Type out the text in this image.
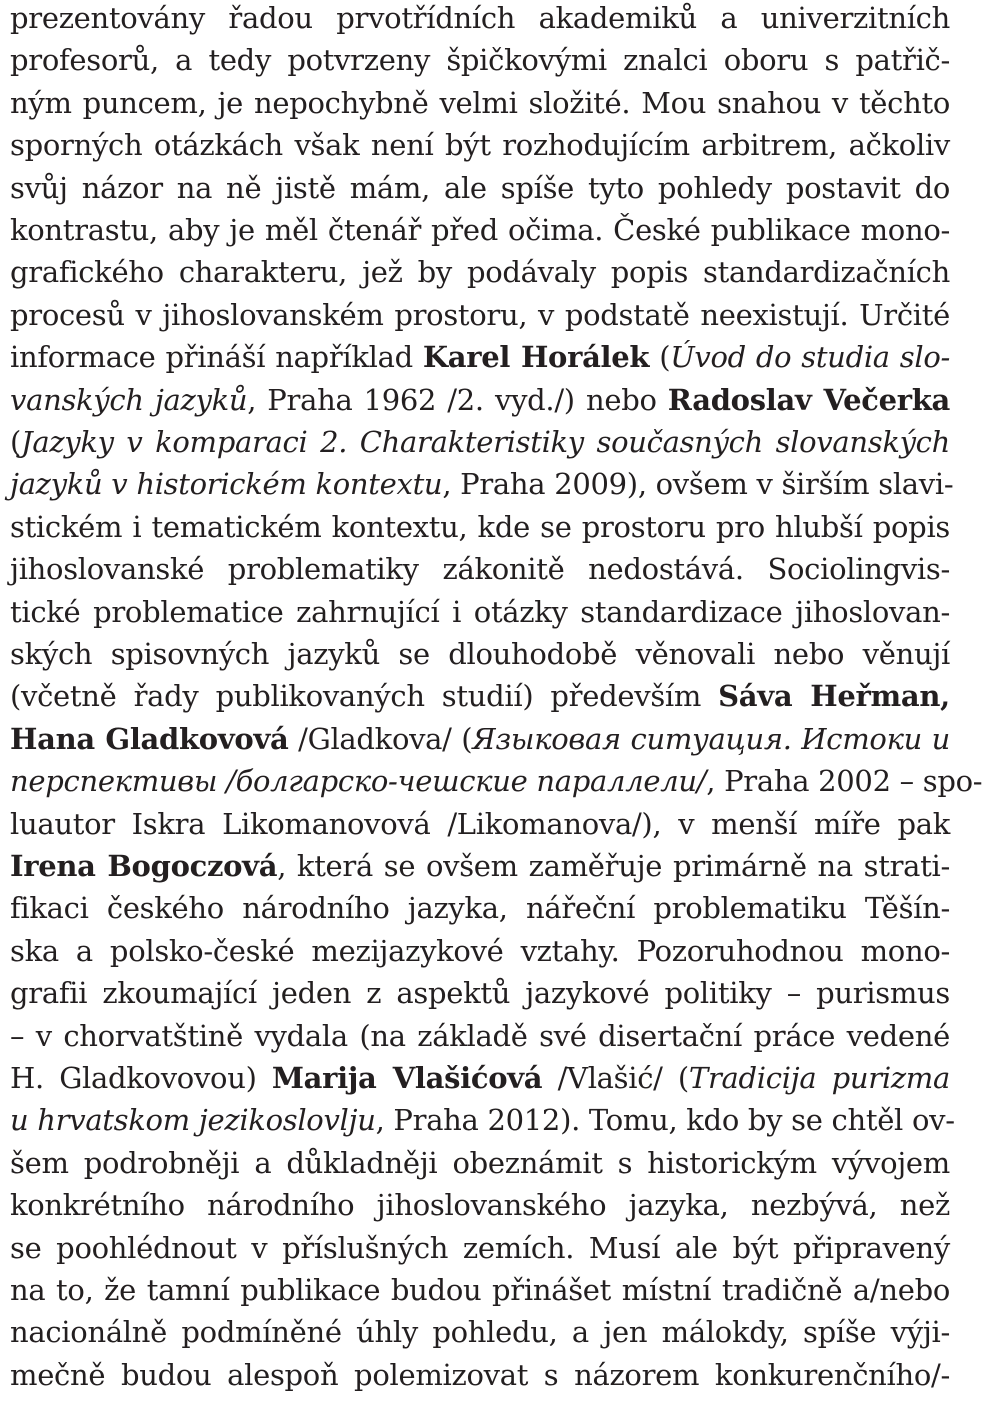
prezentovány řadou prvotřídních akademiků a univerzitních
profesorů, a tedy potvrzeny špičkovými znalci oboru s patřič-
ným puncem, je nepochybně velmi složité. Mou snahou v těchto
sporných otázkách však není být rozhodujícím arbitrem, ačkoliv
svůj názor na ně jistě mám, ale spíše tyto pohledy postavit do
kontrastu, aby je měl čtenář před očima. České publikace mono-
grafického charakteru, jež by podávaly popis standardizačních
procesů v jihoslovanském prostoru, v podstatě neexistují. Určité
informace přináší například Karel Horálek (Úvod do studia slo-
vanských jazyků, Praha 1962 /2. vyd./) nebo Radoslav Večerka
(Jazyky v komparaci 2. Charakteristiky současných slovanských
jazyků v historickém kontextu, Praha 2009), ovšem v širším slavi-
stickém i tematickém kontextu, kde se prostoru pro hlubší popis
jihoslovanské problematiky zákonitě nedostává. Sociolingvis-
tické problematice zahrnující i otázky standardizace jihoslovan-
ských spisovných jazyků se dlouhodobě věnovali nebo věnují
(včetně řady publikovaných studií) především Sáva Heřman,
Hana Gladkovová /Gladkova/ (Языковая ситуация. Истоки и
перспективы /болгарско-чешские параллели/, Praha 2002 – spo-
luautor Iskra Likomanovová /Likomanova/), v menší míře pak
Irena Bogoczová, která se ovšem zaměřuje primárně na strati-
fikaci českého národního jazyka, nářeční problematiku Těšín-
ska a polsko-české mezijazykové vztahy. Pozoruhodnou mono-
grafii zkoumající jeden z aspektů jazykové politiky – purismus
– v chorvatštině vydala (na základě své disertační práce vedené
H. Gladkovovou) Marija Vlašićová /Vlašić/ (Tradicija purizma
u hrvatskom jezikoslovlju, Praha 2012). Tomu, kdo by se chtěl ov-
šem podrobněji a důkladněji obeznámit s historickým vývojem
konkrétního národního jihoslovanského jazyka, nezbývá, než
se poohlédnout v příslušných zemích. Musí ale být připravený
na to, že tamní publikace budou přinášet místní tradičně a/nebo
nacionálně podmíněné úhly pohledu, a jen málokdy, spíše výji-
mečně budou alespoň polemizovat s názorem konkurenčního/-
